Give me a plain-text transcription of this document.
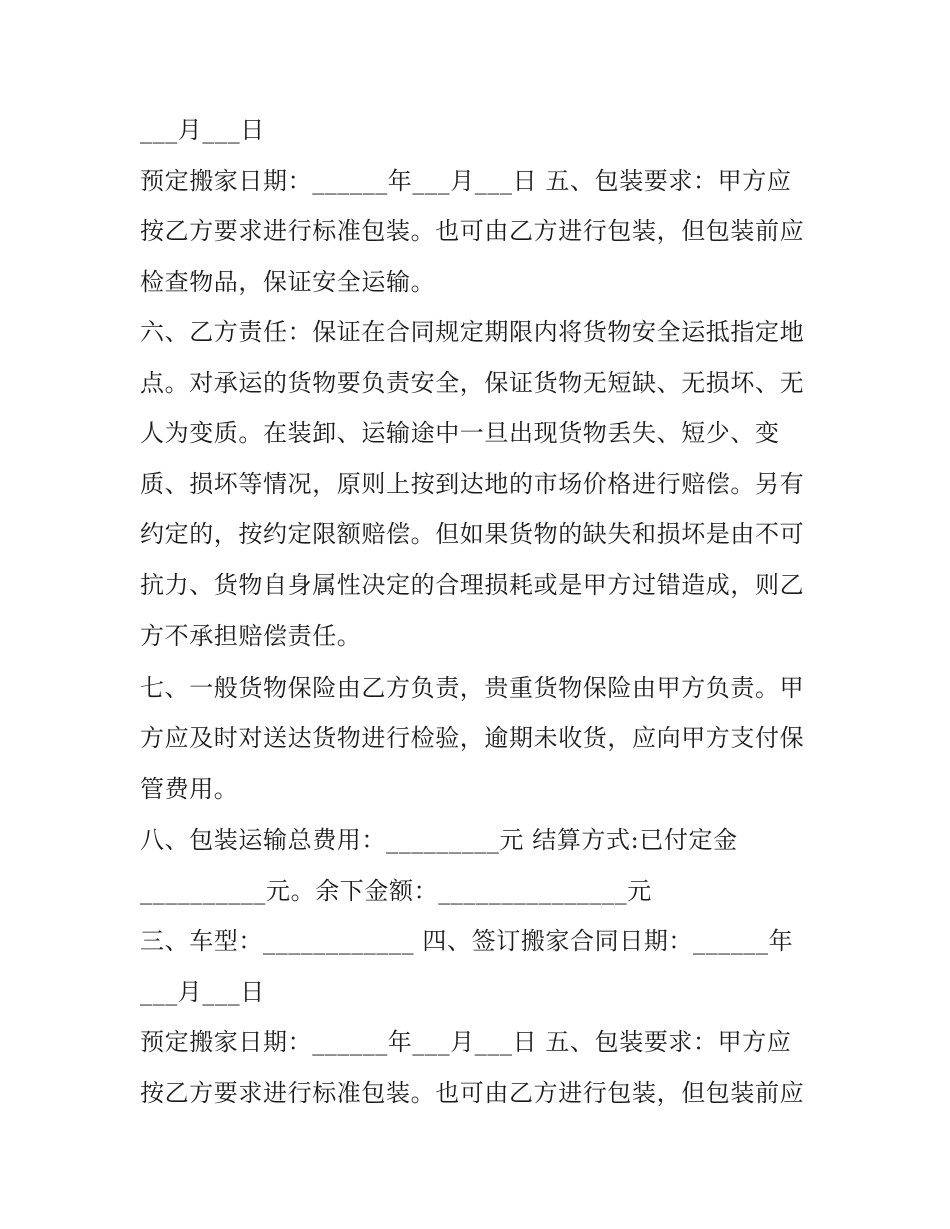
___月___日
预定搬家日期：______年___月___日 五、包装要求：甲方应
按乙方要求进行标准包装。也可由乙方进行包装，但包装前应
检查物品，保证安全运输。
六、乙方责任：保证在合同规定期限内将货物安全运抵指定地
点。对承运的货物要负责安全，保证货物无短缺、无损坏、无
人为变质。在装卸、运输途中一旦出现货物丢失、短少、变
质、损坏等情况，原则上按到达地的市场价格进行赔偿。另有
约定的，按约定限额赔偿。但如果货物的缺失和损坏是由不可
抗力、货物自身属性决定的合理损耗或是甲方过错造成，则乙
方不承担赔偿责任。
七、一般货物保险由乙方负责，贵重货物保险由甲方负责。甲
方应及时对送达货物进行检验，逾期未收货，应向甲方支付保
管费用。
八、包装运输总费用：_________元 结算方式:已付定金
__________元。余下金额：_______________元
三、车型：____________ 四、签订搬家合同日期：______年
___月___日
预定搬家日期：______年___月___日 五、包装要求：甲方应
按乙方要求进行标准包装。也可由乙方进行包装，但包装前应
